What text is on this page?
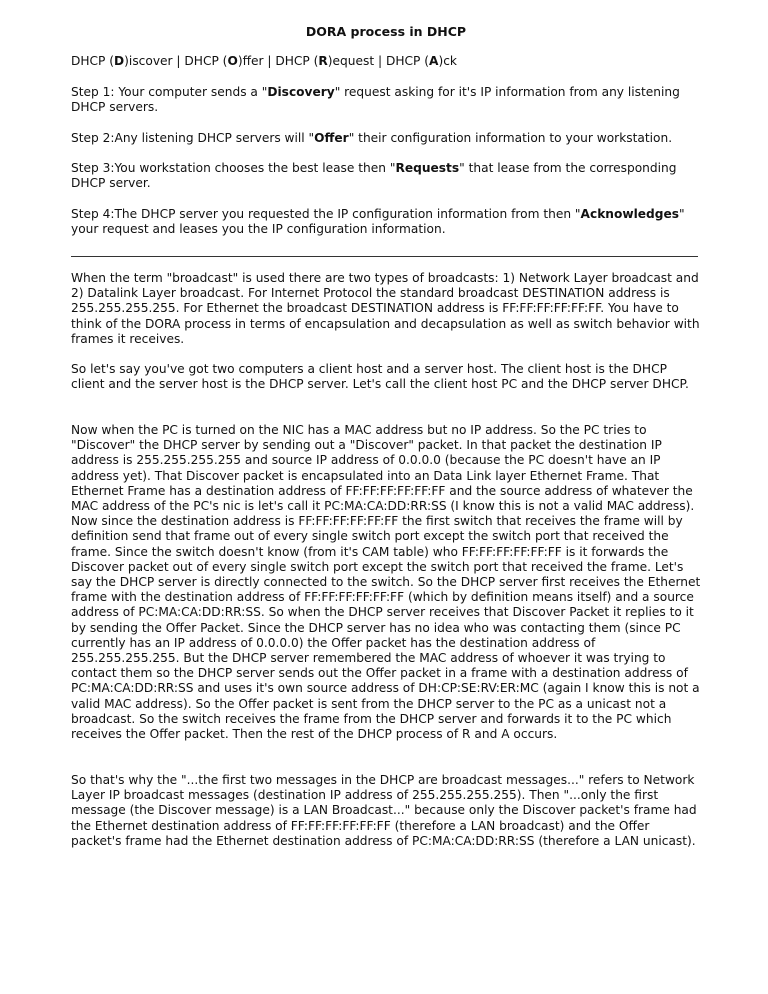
DORA process in DHCP

DHCP (D)iscover | DHCP (O)ffer | DHCP (R)equest | DHCP (A)ck

Step 1: Your computer sends a "Discovery" request asking for it's IP information from any listening DHCP servers.

Step 2:Any listening DHCP servers will "Offer" their configuration information to your workstation.

Step 3:You workstation chooses the best lease then "Requests" that lease from the corresponding DHCP server.

Step 4:The DHCP server you requested the IP configuration information from then "Acknowledges" your request and leases you the IP configuration information.

When the term "broadcast" is used there are two types of broadcasts: 1) Network Layer broadcast and 2) Datalink Layer broadcast. For Internet Protocol the standard broadcast DESTINATION address is 255.255.255.255. For Ethernet the broadcast DESTINATION address is FF:FF:FF:FF:FF:FF. You have to think of the DORA process in terms of encapsulation and decapsulation as well as switch behavior with frames it receives.

So let's say you've got two computers a client host and a server host. The client host is the DHCP client and the server host is the DHCP server. Let's call the client host PC and the DHCP server DHCP.

Now when the PC is turned on the NIC has a MAC address but no IP address. So the PC tries to "Discover" the DHCP server by sending out a "Discover" packet. In that packet the destination IP address is 255.255.255.255 and source IP address of 0.0.0.0 (because the PC doesn't have an IP address yet). That Discover packet is encapsulated into an Data Link layer Ethernet Frame. That Ethernet Frame has a destination address of FF:FF:FF:FF:FF:FF and the source address of whatever the MAC address of the PC's nic is let's call it PC:MA:CA:DD:RR:SS (I know this is not a valid MAC address). Now since the destination address is FF:FF:FF:FF:FF:FF the first switch that receives the frame will by definition send that frame out of every single switch port except the switch port that received the frame. Since the switch doesn't know (from it's CAM table) who FF:FF:FF:FF:FF:FF is it forwards the Discover packet out of every single switch port except the switch port that received the frame. Let's say the DHCP server is directly connected to the switch. So the DHCP server first receives the Ethernet frame with the destination address of FF:FF:FF:FF:FF:FF (which by definition means itself) and a source address of PC:MA:CA:DD:RR:SS. So when the DHCP server receives that Discover Packet it replies to it by sending the Offer Packet. Since the DHCP server has no idea who was contacting them (since PC currently has an IP address of 0.0.0.0) the Offer packet has the destination address of 255.255.255.255. But the DHCP server remembered the MAC address of whoever it was trying to contact them so the DHCP server sends out the Offer packet in a frame with a destination address of PC:MA:CA:DD:RR:SS and uses it's own source address of DH:CP:SE:RV:ER:MC (again I know this is not a valid MAC address). So the Offer packet is sent from the DHCP server to the PC as a unicast not a broadcast. So the switch receives the frame from the DHCP server and forwards it to the PC which receives the Offer packet. Then the rest of the DHCP process of R and A occurs.

So that's why the "...the first two messages in the DHCP are broadcast messages..." refers to Network Layer IP broadcast messages (destination IP address of 255.255.255.255). Then "...only the first message (the Discover message) is a LAN Broadcast..." because only the Discover packet's frame had the Ethernet destination address of FF:FF:FF:FF:FF:FF (therefore a LAN broadcast) and the Offer packet's frame had the Ethernet destination address of PC:MA:CA:DD:RR:SS (therefore a LAN unicast).
